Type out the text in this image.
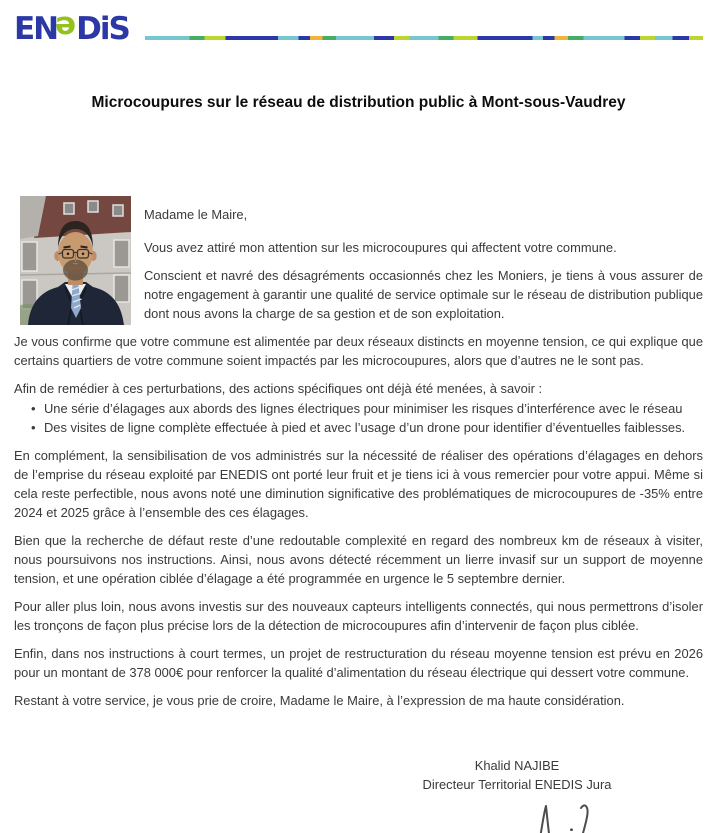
ENeDiS
Microcoupures sur le réseau de distribution public à Mont-sous-Vaudrey
Madame le Maire,
Vous avez attiré mon attention sur les microcoupures qui affectent votre commune.
Conscient et navré des désagréments occasionnés chez les Moniers, je tiens à vous assurer de notre engagement à garantir une qualité de service optimale sur le réseau de distribution publique dont nous avons la charge de sa gestion et de son exploitation.
Je vous confirme que votre commune est alimentée par deux réseaux distincts en moyenne tension, ce qui explique que certains quartiers de votre commune soient impactés par les microcoupures, alors que d’autres ne le sont pas.
Afin de remédier à ces perturbations, des actions spécifiques ont déjà été menées, à savoir :
• Une série d’élagages aux abords des lignes électriques pour minimiser les risques d’interférence avec le réseau
• Des visites de ligne complète effectuée à pied et avec l’usage d’un drone pour identifier d’éventuelles faiblesses.
En complément, la sensibilisation de vos administrés sur la nécessité de réaliser des opérations d’élagages en dehors de l’emprise du réseau exploité par ENEDIS ont porté leur fruit et je tiens ici à vous remercier pour votre appui. Même si cela reste perfectible, nous avons noté une diminution significative des problématiques de microcoupures de -35% entre 2024 et 2025 grâce à l’ensemble des ces élagages.
Bien que la recherche de défaut reste d’une redoutable complexité en regard des nombreux km de réseaux à visiter, nous poursuivons nos instructions. Ainsi, nous avons détecté récemment un lierre invasif sur un support de moyenne tension, et une opération ciblée d’élagage a été programmée en urgence le 5 septembre dernier.
Pour aller plus loin, nous avons investis sur des nouveaux capteurs intelligents connectés, qui nous permettrons d’isoler les tronçons de façon plus précise lors de la détection de microcoupures afin d’intervenir de façon plus ciblée.
Enfin, dans nos instructions à court termes, un projet de restructuration du réseau moyenne tension est prévu en 2026 pour un montant de 378 000€ pour renforcer la qualité d’alimentation du réseau électrique qui dessert votre commune.
Restant à votre service, je vous prie de croire, Madame le Maire, à l’expression de ma haute considération.
Khalid NAJIBE
Directeur Territorial ENEDIS Jura
